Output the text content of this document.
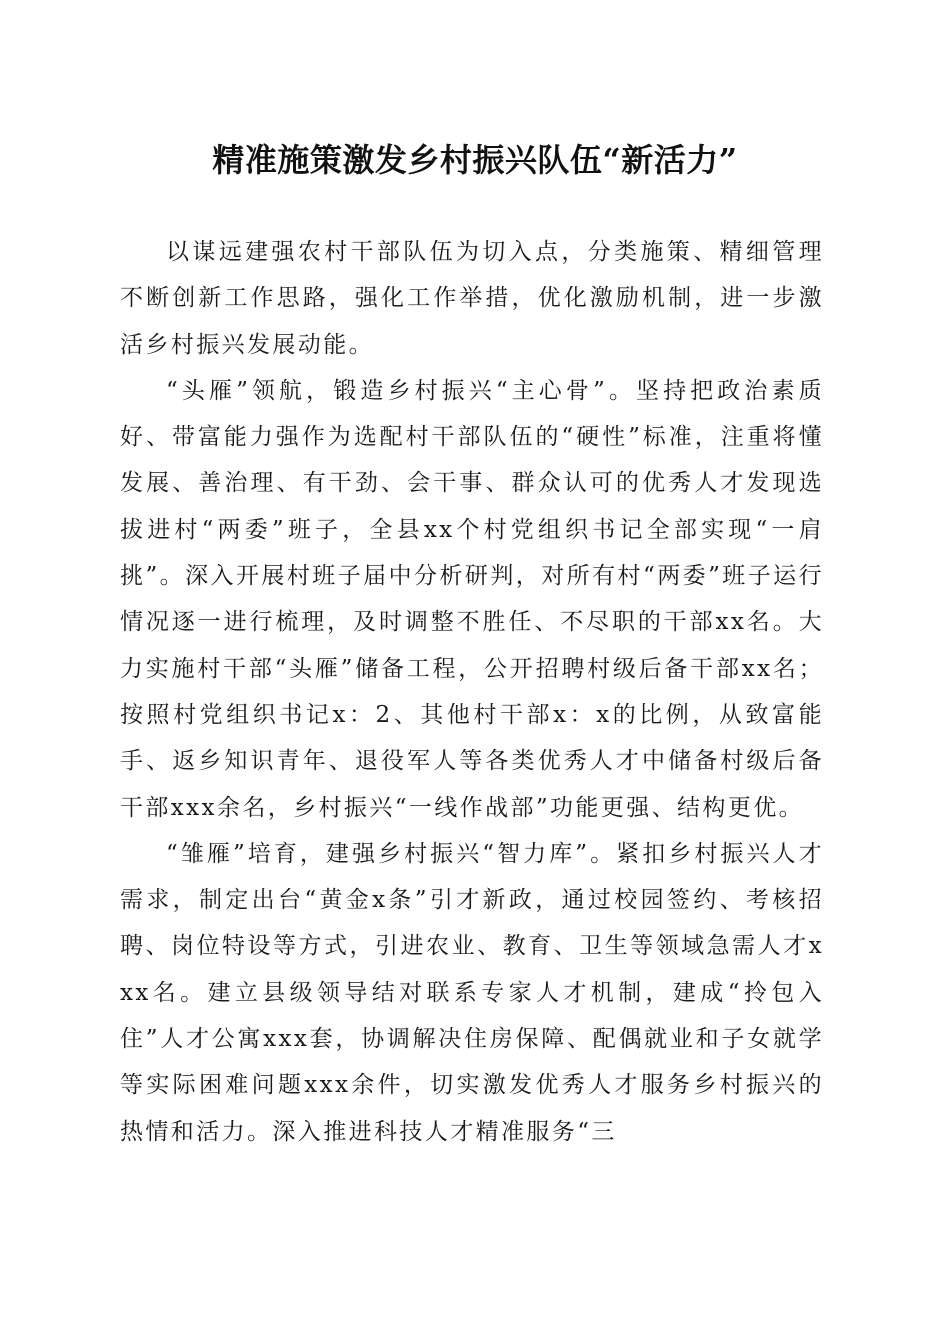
精准施策激发乡村振兴队伍“新活力”

以谋远建强农村干部队伍为切入点，分类施策、精细管理不断创新工作思路，强化工作举措，优化激励机制，进一步激活乡村振兴发展动能。

“头雁”领航，锻造乡村振兴“主心骨”。坚持把政治素质好、带富能力强作为选配村干部队伍的“硬性”标准，注重将懂发展、善治理、有干劲、会干事、群众认可的优秀人才发现选拔进村“两委”班子，全县xx个村党组织书记全部实现“一肩挑”。深入开展村班子届中分析研判，对所有村“两委”班子运行情况逐一进行梳理，及时调整不胜任、不尽职的干部xx名。大力实施村干部“头雁”储备工程，公开招聘村级后备干部xx名；按照村党组织书记x：2、其他村干部x：x的比例，从致富能手、返乡知识青年、退役军人等各类优秀人才中储备村级后备干部xxx余名，乡村振兴“一线作战部”功能更强、结构更优。

“雏雁”培育，建强乡村振兴“智力库”。紧扣乡村振兴人才需求，制定出台“黄金x条”引才新政，通过校园签约、考核招聘、岗位特设等方式，引进农业、教育、卫生等领域急需人才xxx名。建立县级领导结对联系专家人才机制，建成“拎包入住”人才公寓xxx套，协调解决住房保障、配偶就业和子女就学等实际困难问题xxx余件，切实激发优秀人才服务乡村振兴的热情和活力。深入推进科技人才精准服务“三
